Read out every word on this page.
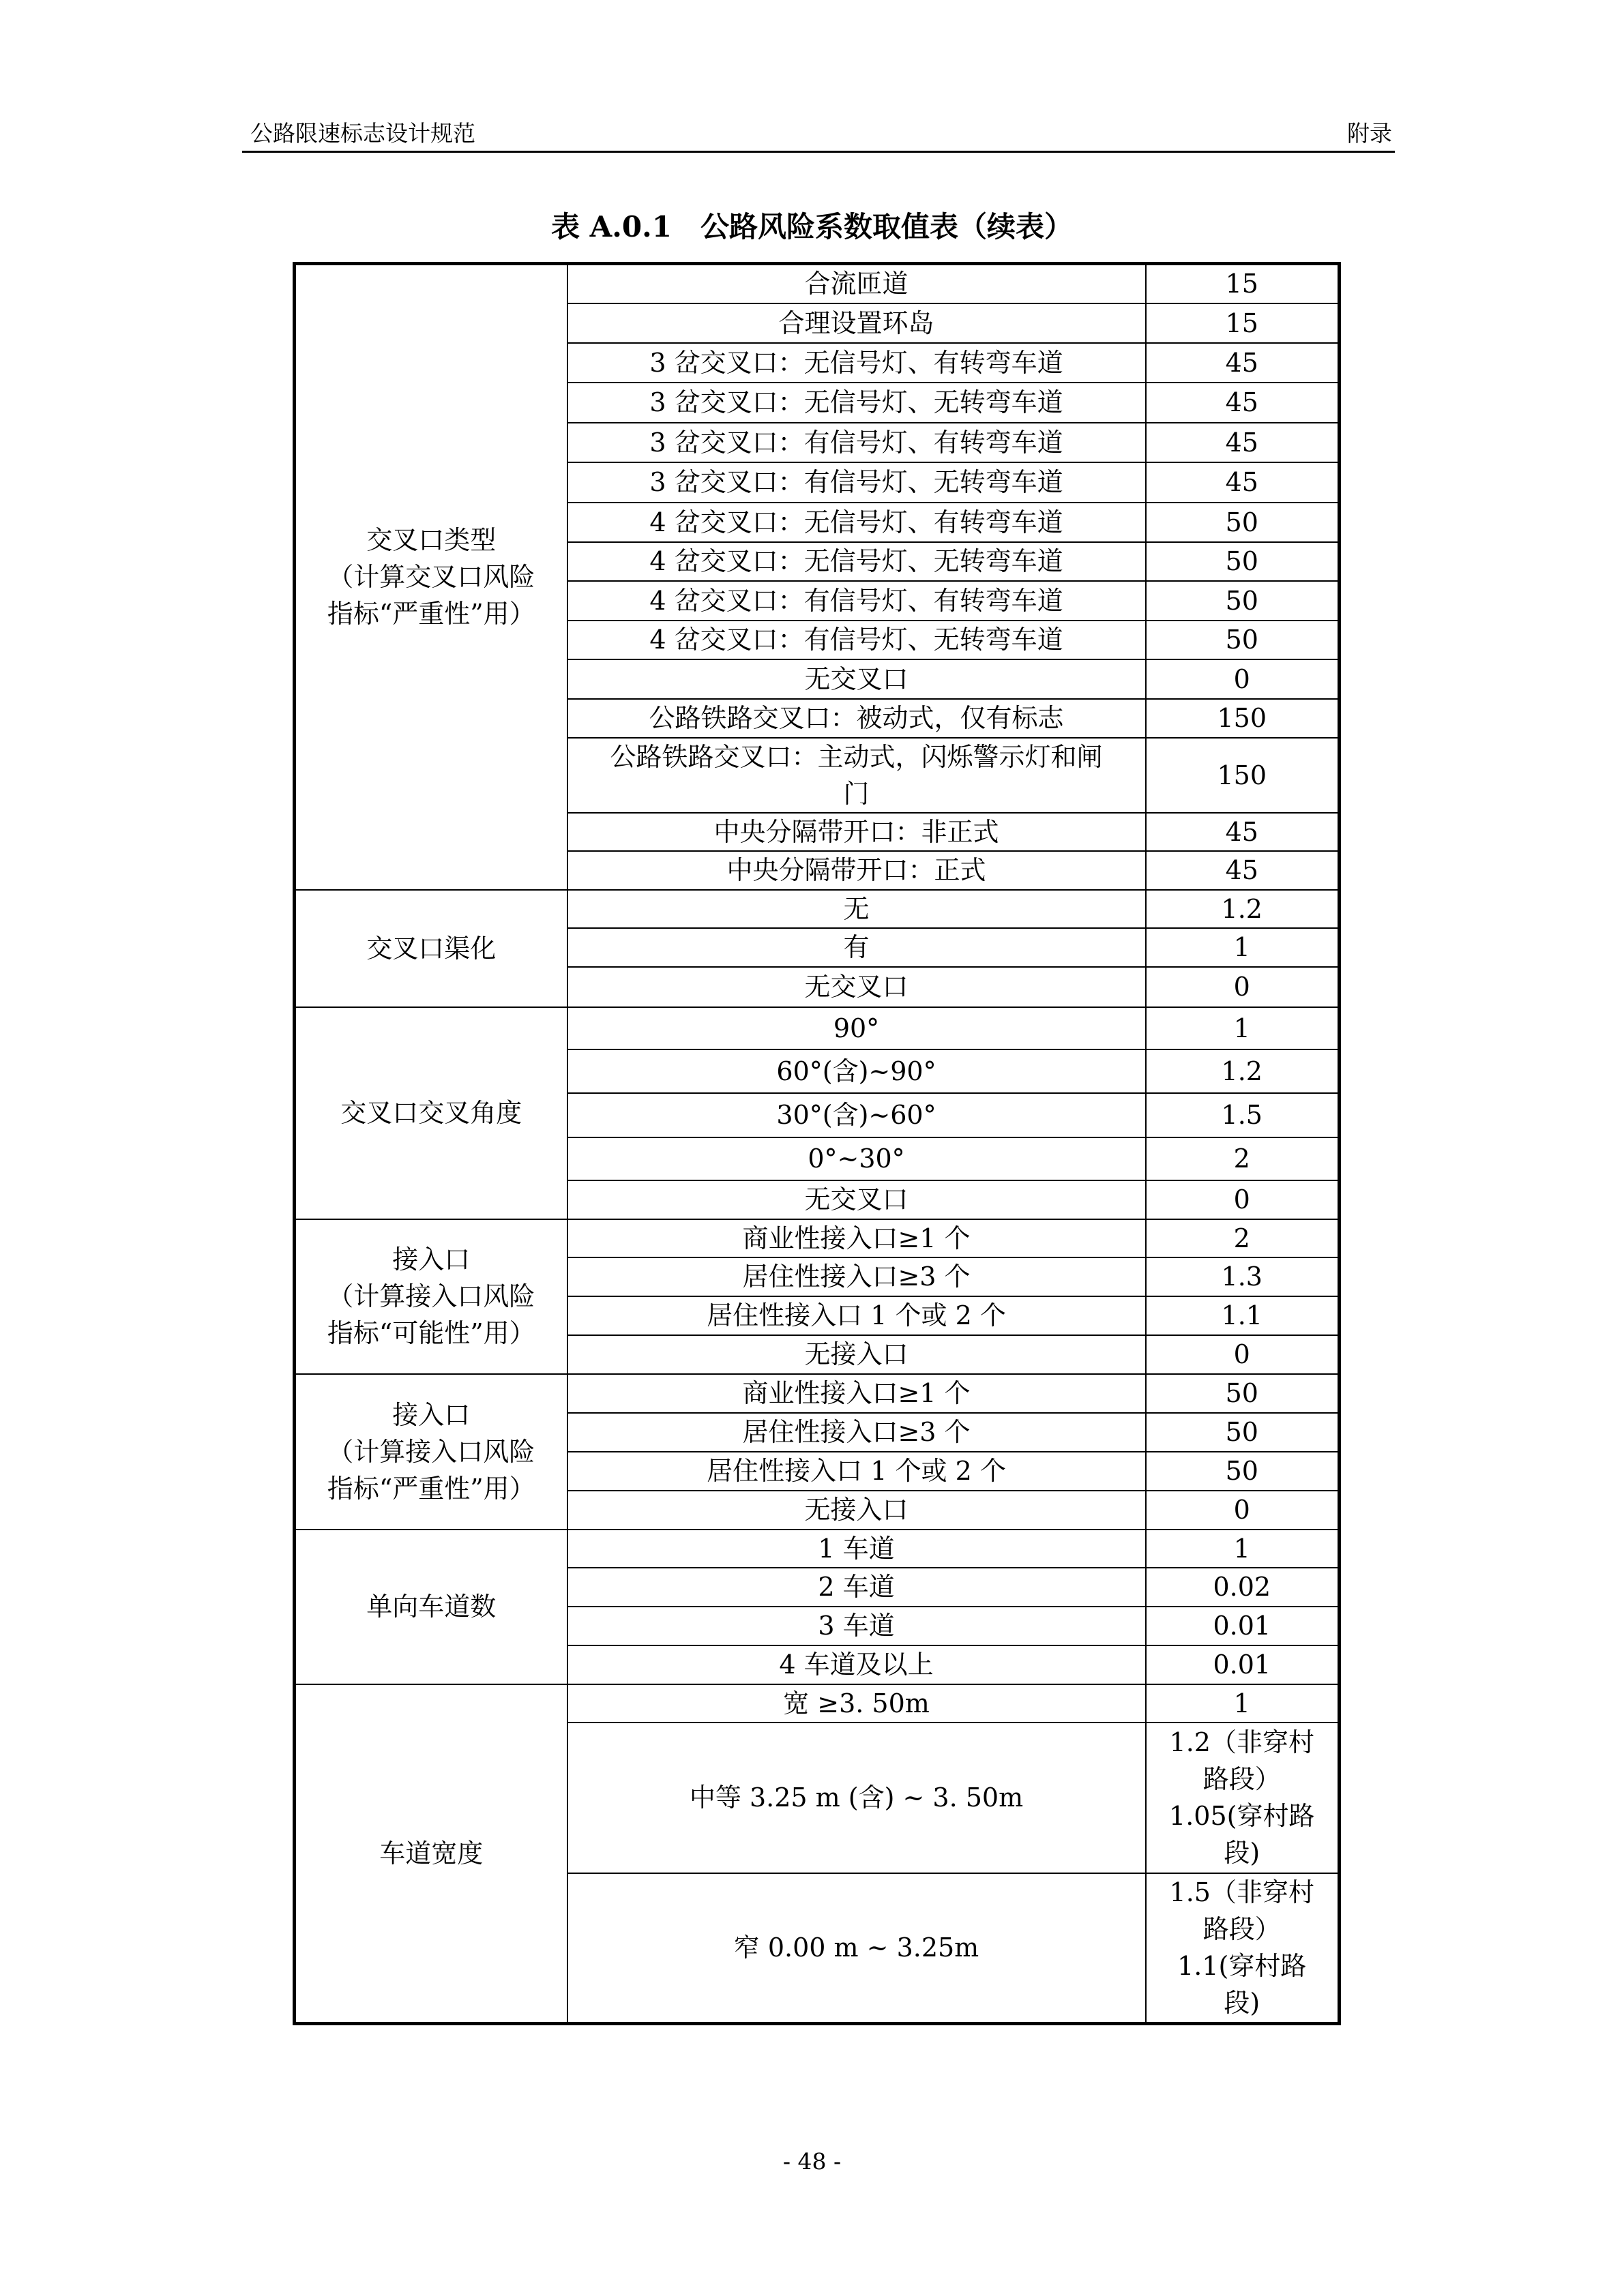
公路限速标志设计规范	附录
表 A.0.1　公路风险系数取值表（续表）
交叉口类型
（计算交叉口风险
指标“严重性”用）	合流匝道	15

	合理设置环岛	15

	3 岔交叉口：无信号灯、有转弯车道	45

	3 岔交叉口：无信号灯、无转弯车道	45

	3 岔交叉口：有信号灯、有转弯车道	45

	3 岔交叉口：有信号灯、无转弯车道	45

	4 岔交叉口：无信号灯、有转弯车道	50

	4 岔交叉口：无信号灯、无转弯车道	50

	4 岔交叉口：有信号灯、有转弯车道	50

	4 岔交叉口：有信号灯、无转弯车道	50

	无交叉口	0

	公路铁路交叉口：被动式，仅有标志	150

	公路铁路交叉口：主动式，闪烁警示灯和闸
门	150

	中央分隔带开口：非正式	45

	中央分隔带开口：正式	45

交叉口渠化	无	1.2

	有	1

	无交叉口	0

交叉口交叉角度	90°	1

	60°(含)~90°	1.2

	30°(含)~60°	1.5

	0°~30°	2

	无交叉口	0

接入口
（计算接入口风险
指标“可能性”用）	商业性接入口≥1 个	2

	居住性接入口≥3 个	1.3

	居住性接入口 1 个或 2 个	1.1

	无接入口	0

接入口
（计算接入口风险
指标“严重性”用）	商业性接入口≥1 个	50

	居住性接入口≥3 个	50

	居住性接入口 1 个或 2 个	50

	无接入口	0

单向车道数	1 车道	1

	2 车道	0.02

	3 车道	0.01

	4 车道及以上	0.01

车道宽度	宽 ≥3. 50m	1

	中等 3.25 m (含) ~ 3. 50m	1.2（非穿村
路段）
1.05(穿村路
段)

	窄 0.00 m ~ 3.25m	1.5（非穿村
路段）
1.1(穿村路
段)
- 48 -
